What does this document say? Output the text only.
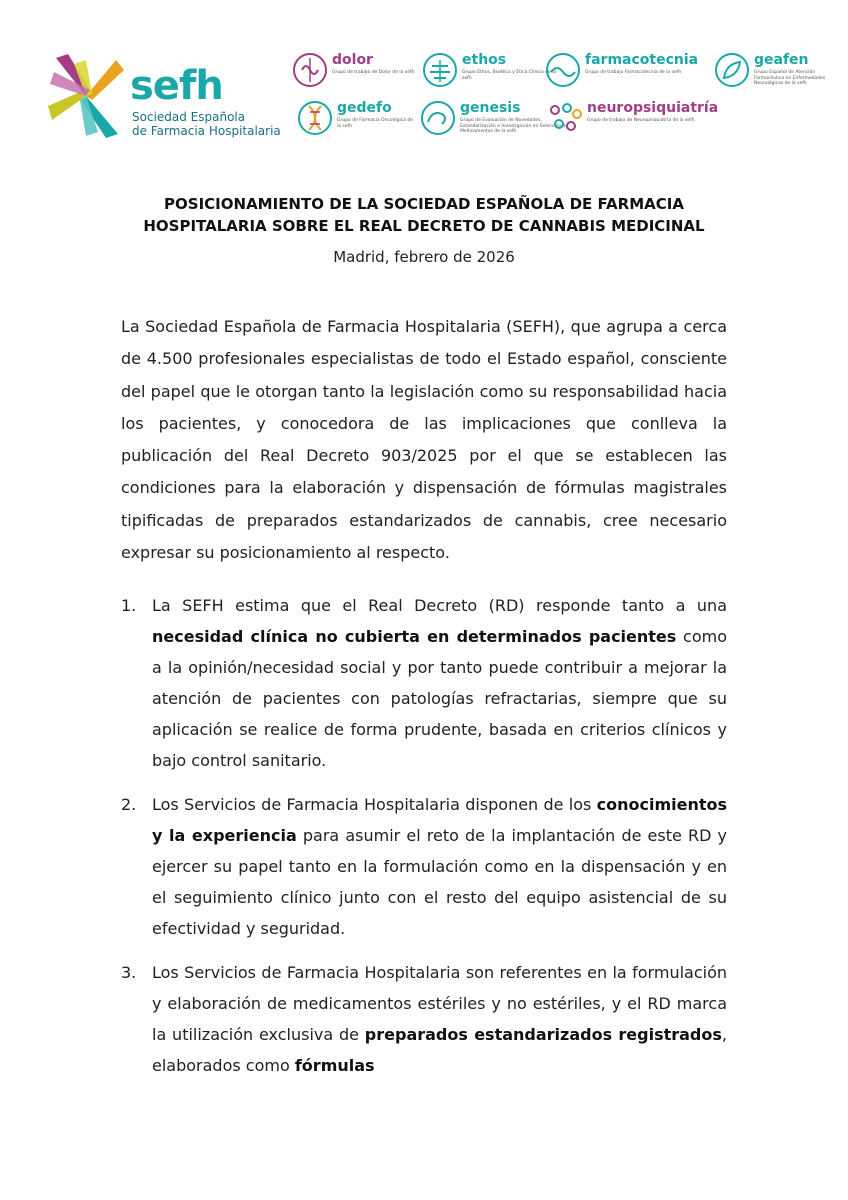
sefh
Sociedad Española
de Farmacia Hospitalaria
dolor
Grupo de trabajo de Dolor de la sefh
ethos
Grupo Ethos, Bioética y Ética Clínica de la sefh
farmacotecnia
Grupo de trabajo Farmacotecnia de la sefh
geafen
Grupo Español de Atención Farmacéutica en Enfermedades Neurológicas de la sefh
gedefo
Grupo de Farmacia Oncológica de la sefh
genesis
Grupo de Evaluación de Novedades, Estandarización e Investigación en Selección de Medicamentos de la sefh
neuropsiquiatría
Grupo de trabajo de Neuropsiquiatría de la sefh
POSICIONAMIENTO DE LA SOCIEDAD ESPAÑOLA DE FARMACIA
HOSPITALARIA SOBRE EL REAL DECRETO DE CANNABIS MEDICINAL
Madrid, febrero de 2026
La Sociedad Española de Farmacia Hospitalaria (SEFH), que agrupa a cerca de 4.500 profesionales especialistas de todo el Estado español, consciente del papel que le otorgan tanto la legislación como su responsabilidad hacia los pacientes, y conocedora de las implicaciones que conlleva la publicación del Real Decreto 903/2025 por el que se establecen las condiciones para la elaboración y dispensación de fórmulas magistrales tipificadas de preparados estandarizados de cannabis, cree necesario expresar su posicionamiento al respecto.
1. La SEFH estima que el Real Decreto (RD) responde tanto a una necesidad clínica no cubierta en determinados pacientes como a la opinión/necesidad social y por tanto puede contribuir a mejorar la atención de pacientes con patologías refractarias, siempre que su aplicación se realice de forma prudente, basada en criterios clínicos y bajo control sanitario.
2. Los Servicios de Farmacia Hospitalaria disponen de los conocimientos y la experiencia para asumir el reto de la implantación de este RD y ejercer su papel tanto en la formulación como en la dispensación y en el seguimiento clínico junto con el resto del equipo asistencial de su efectividad y seguridad.
3. Los Servicios de Farmacia Hospitalaria son referentes en la formulación y elaboración de medicamentos estériles y no estériles, y el RD marca la utilización exclusiva de preparados estandarizados registrados, elaborados como fórmulas
